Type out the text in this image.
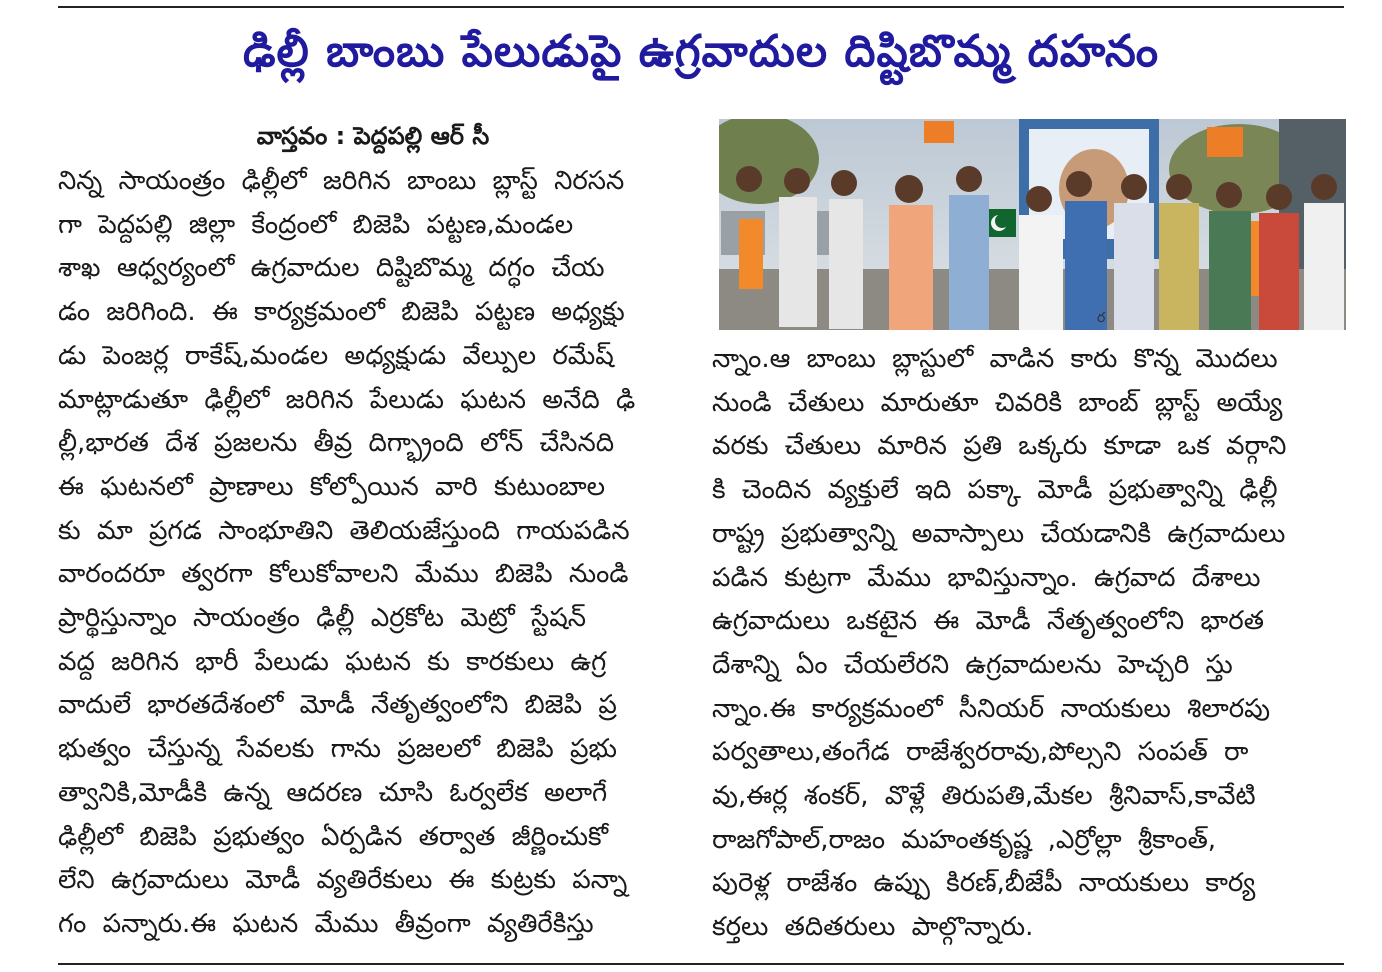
ఢిల్లీ బాంబు పేలుడుపై ఉగ్రవాదుల దిష్టిబొమ్మ దహనం
వాస్తవం : పెద్దపల్లి ఆర్ సీ
నిన్న సాయంత్రం ఢిల్లీలో జరిగిన బాంబు బ్లాస్ట్ నిరసన
గా పెద్దపల్లి జిల్లా కేంద్రంలో బిజెపి పట్టణ,మండల
శాఖ ఆధ్వర్యంలో ఉగ్రవాదుల దిష్టిబొమ్మ దగ్ధం చేయ
డం జరిగింది. ఈ కార్యక్రమంలో బిజెపి పట్టణ అధ్యక్షు
డు పెంజర్ల రాకేష్,మండల అధ్యక్షుడు వేల్పుల రమేష్
మాట్లాడుతూ ఢిల్లీలో జరిగిన పేలుడు ఘటన అనేది ఢి
ల్లీ,భారత దేశ ప్రజలను తీవ్ర దిగ్భ్రాంది లోన్ చేసినది
ఈ ఘటనలో ప్రాణాలు కోల్పోయిన వారి కుటుంబాల
కు మా ప్రగడ సాంభూతిని తెలియజేస్తుంది గాయపడిన
వారందరూ త్వరగా కోలుకోవాలని మేము బిజెపి నుండి
ప్రార్థిస్తున్నాం సాయంత్రం ఢిల్లీ ఎర్రకోట మెట్రో స్టేషన్
వద్ద జరిగిన భారీ పేలుడు ఘటన కు కారకులు ఉగ్ర
వాదులే భారతదేశంలో మోడీ నేతృత్వంలోని బిజెపి ప్ర
భుత్వం చేస్తున్న సేవలకు గాను ప్రజలలో బిజెపి ప్రభు
త్వానికి,మోడీకి ఉన్న ఆదరణ చూసి ఓర్వలేక అలాగే
ఢిల్లీలో బిజెపి ప్రభుత్వం ఏర్పడిన తర్వాత జీర్ణించుకో
లేని ఉగ్రవాదులు మోడీ వ్యతిరేకులు ఈ కుట్రకు పన్నా
గం పన్నారు.ఈ ఘటన మేము తీవ్రంగా వ్యతిరేకిస్తు
ర
న్నాం.ఆ బాంబు బ్లాస్టులో వాడిన కారు కొన్న మొదలు
నుండి చేతులు మారుతూ చివరికి బాంబ్ బ్లాస్ట్ అయ్యే
వరకు చేతులు మారిన ప్రతి ఒక్కరు కూడా ఒక వర్గాని
కి చెందిన వ్యక్తులే ఇది పక్కా మోడీ ప్రభుత్వాన్ని ఢిల్లీ
రాష్ట్ర ప్రభుత్వాన్ని అవాస్పాలు చేయడానికి ఉగ్రవాదులు
పడిన కుట్రగా మేము భావిస్తున్నాం. ఉగ్రవాద దేశాలు
ఉగ్రవాదులు ఒకటైన ఈ మోడీ నేతృత్వంలోని భారత
దేశాన్ని ఏం చేయలేరని ఉగ్రవాదులను హెచ్చరి స్తు
న్నాం.ఈ కార్యక్రమంలో సీనియర్ నాయకులు శిలారపు
పర్వతాలు,తంగేడ రాజేశ్వరరావు,పోల్సని సంపత్ రా
వు,ఈర్ల శంకర్, వొళ్లే తిరుపతి,మేకల శ్రీనివాస్,కావేటి
రాజగోపాల్,రాజం మహంతకృష్ణ ,ఎర్రోల్లా శ్రీకాంత్,
పురెళ్ల రాజేశం ఉప్పు కిరణ్,బీజేపీ నాయకులు కార్య
కర్తలు తదితరులు పాల్గొన్నారు.
